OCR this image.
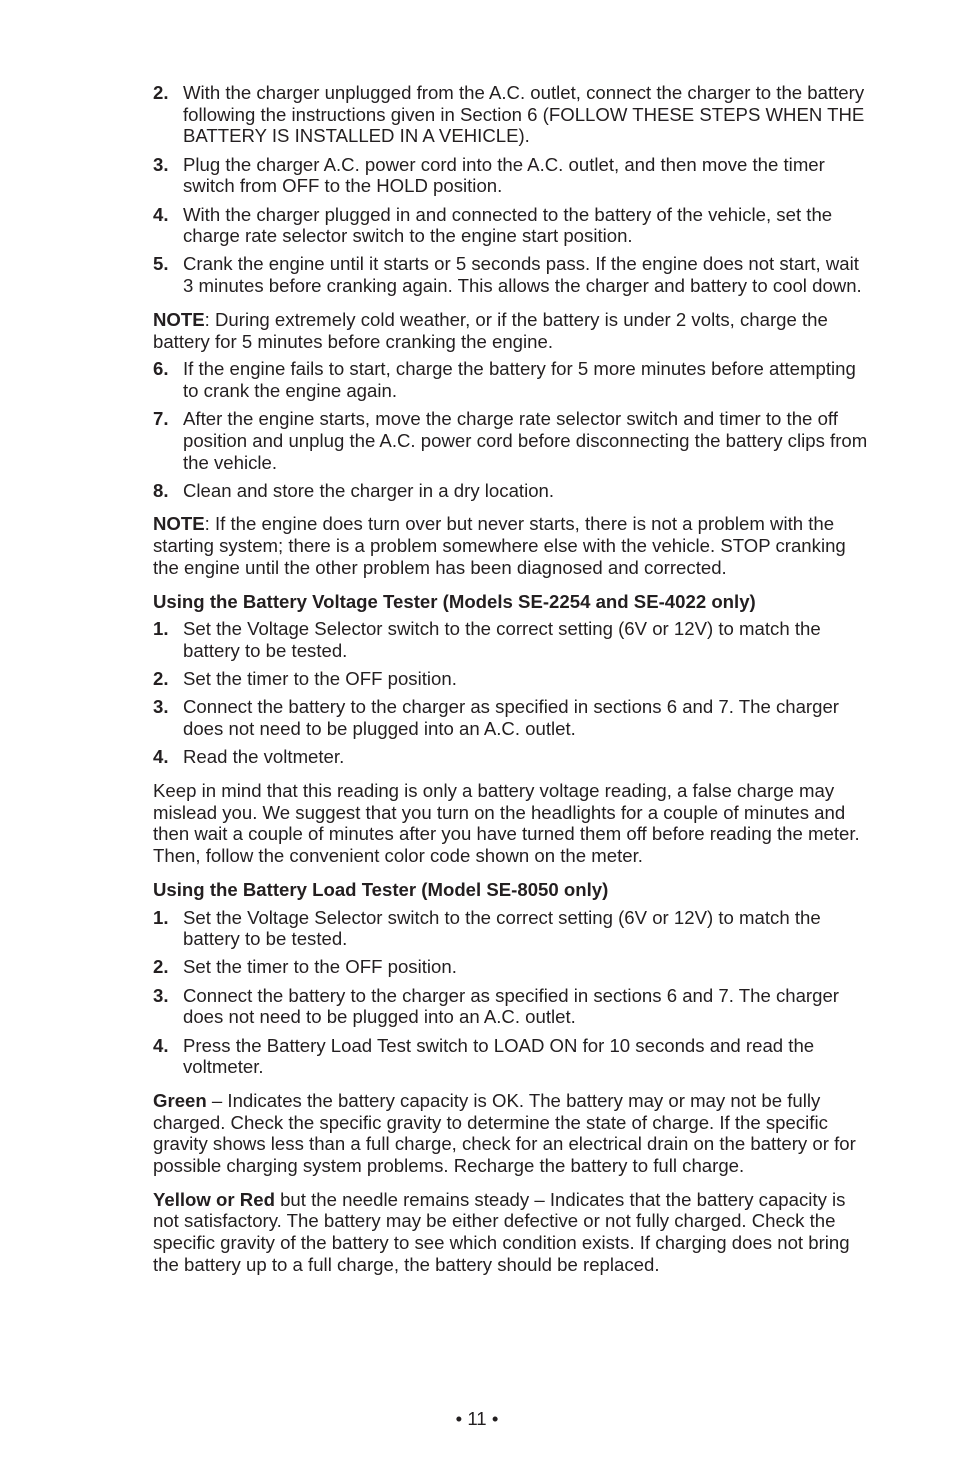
2. With the charger unplugged from the A.C. outlet, connect the charger to the battery following the instructions given in Section 6 (FOLLOW THESE STEPS WHEN THE BATTERY IS INSTALLED IN A VEHICLE).
3. Plug the charger A.C. power cord into the A.C. outlet, and then move the timer switch from OFF to the HOLD position.
4. With the charger plugged in and connected to the battery of the vehicle, set the charge rate selector switch to the engine start position.
5. Crank the engine until it starts or 5 seconds pass. If the engine does not start, wait 3 minutes before cranking again. This allows the charger and battery to cool down.

NOTE: During extremely cold weather, or if the battery is under 2 volts, charge the battery for 5 minutes before cranking the engine.

6. If the engine fails to start, charge the battery for 5 more minutes before attempting to crank the engine again.
7. After the engine starts, move the charge rate selector switch and timer to the off position and unplug the A.C. power cord before disconnecting the battery clips from the vehicle.
8. Clean and store the charger in a dry location.

NOTE: If the engine does turn over but never starts, there is not a problem with the starting system; there is a problem somewhere else with the vehicle. STOP cranking the engine until the other problem has been diagnosed and corrected.

Using the Battery Voltage Tester (Models SE-2254 and SE-4022 only)
1. Set the Voltage Selector switch to the correct setting (6V or 12V) to match the battery to be tested.
2. Set the timer to the OFF position.
3. Connect the battery to the charger as specified in sections 6 and 7. The charger does not need to be plugged into an A.C. outlet.
4. Read the voltmeter.

Keep in mind that this reading is only a battery voltage reading, a false charge may mislead you. We suggest that you turn on the headlights for a couple of minutes and then wait a couple of minutes after you have turned them off before reading the meter. Then, follow the convenient color code shown on the meter.

Using the Battery Load Tester (Model SE-8050 only)
1. Set the Voltage Selector switch to the correct setting (6V or 12V) to match the battery to be tested.
2. Set the timer to the OFF position.
3. Connect the battery to the charger as specified in sections 6 and 7. The charger does not need to be plugged into an A.C. outlet.
4. Press the Battery Load Test switch to LOAD ON for 10 seconds and read the voltmeter.

Green – Indicates the battery capacity is OK. The battery may or may not be fully charged. Check the specific gravity to determine the state of charge. If the specific gravity shows less than a full charge, check for an electrical drain on the battery or for possible charging system problems. Recharge the battery to full charge.

Yellow or Red but the needle remains steady – Indicates that the battery capacity is not satisfactory. The battery may be either defective or not fully charged. Check the specific gravity of the battery to see which condition exists. If charging does not bring the battery up to a full charge, the battery should be replaced.

• 11 •
